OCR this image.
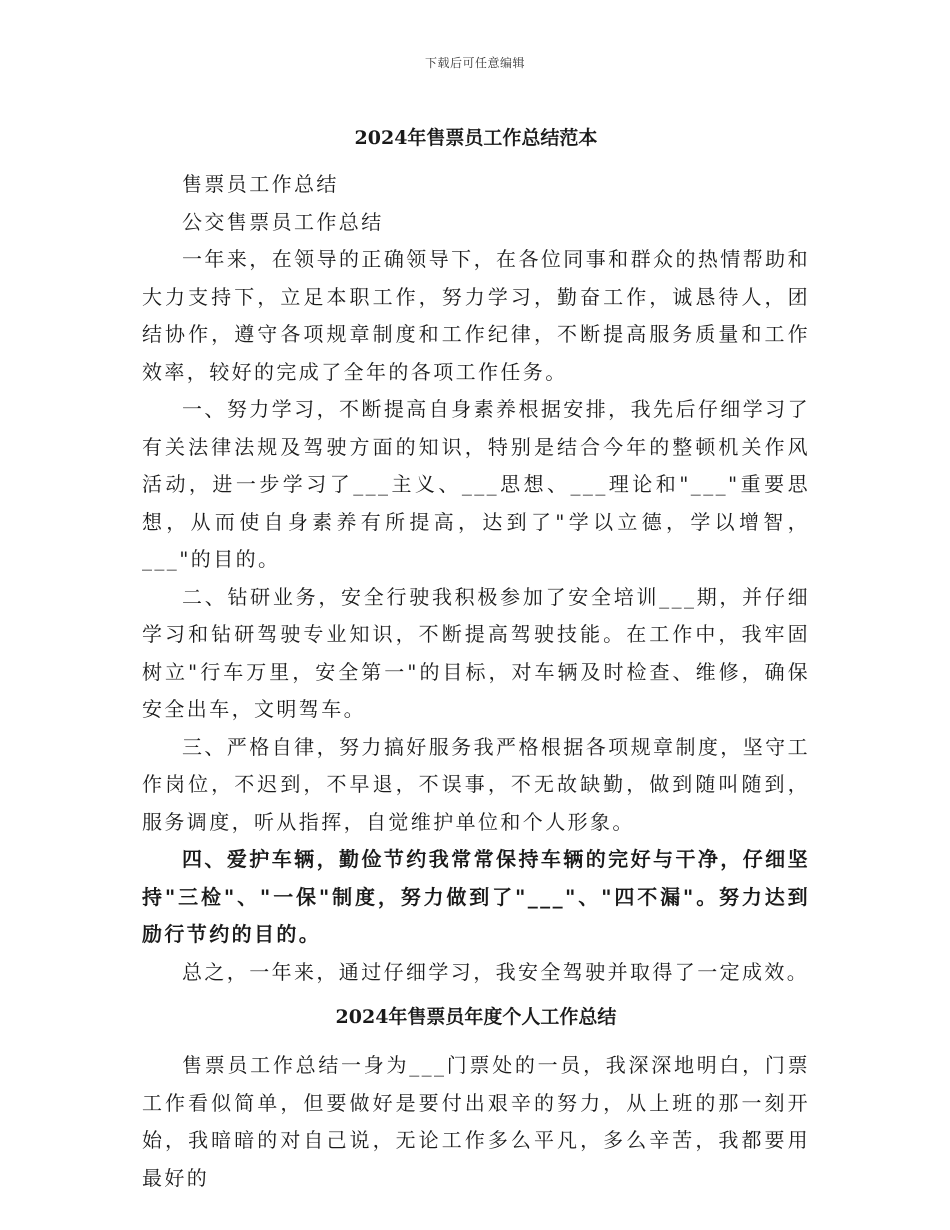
下载后可任意编辑
2024年售票员工作总结范本

售票员工作总结

公交售票员工作总结

一年来，在领导的正确领导下，在各位同事和群众的热情帮助和大力支持下，立足本职工作，努力学习，勤奋工作，诚恳待人，团结协作，遵守各项规章制度和工作纪律，不断提高服务质量和工作效率，较好的完成了全年的各项工作任务。

一、努力学习，不断提高自身素养根据安排，我先后仔细学习了有关法律法规及驾驶方面的知识，特别是结合今年的整顿机关作风活动，进一步学习了___主义、___思想、___理论和"___"重要思想，从而使自身素养有所提高，达到了"学以立德，学以增智，___"的目的。

二、钻研业务，安全行驶我积极参加了安全培训___期，并仔细学习和钻研驾驶专业知识，不断提高驾驶技能。在工作中，我牢固树立"行车万里，安全第一"的目标，对车辆及时检查、维修，确保安全出车，文明驾车。

三、严格自律，努力搞好服务我严格根据各项规章制度，坚守工作岗位，不迟到，不早退，不误事，不无故缺勤，做到随叫随到，服务调度，听从指挥，自觉维护单位和个人形象。

四、爱护车辆，勤俭节约我常常保持车辆的完好与干净，仔细坚持"三检"、"一保"制度，努力做到了"___"、"四不漏"。努力达到励行节约的目的。

总之，一年来，通过仔细学习，我安全驾驶并取得了一定成效。

2024年售票员年度个人工作总结

售票员工作总结一身为___门票处的一员，我深深地明白，门票工作看似简单，但要做好是要付出艰辛的努力，从上班的那一刻开始，我暗暗的对自己说，无论工作多么平凡，多么辛苦，我都要用最好的
